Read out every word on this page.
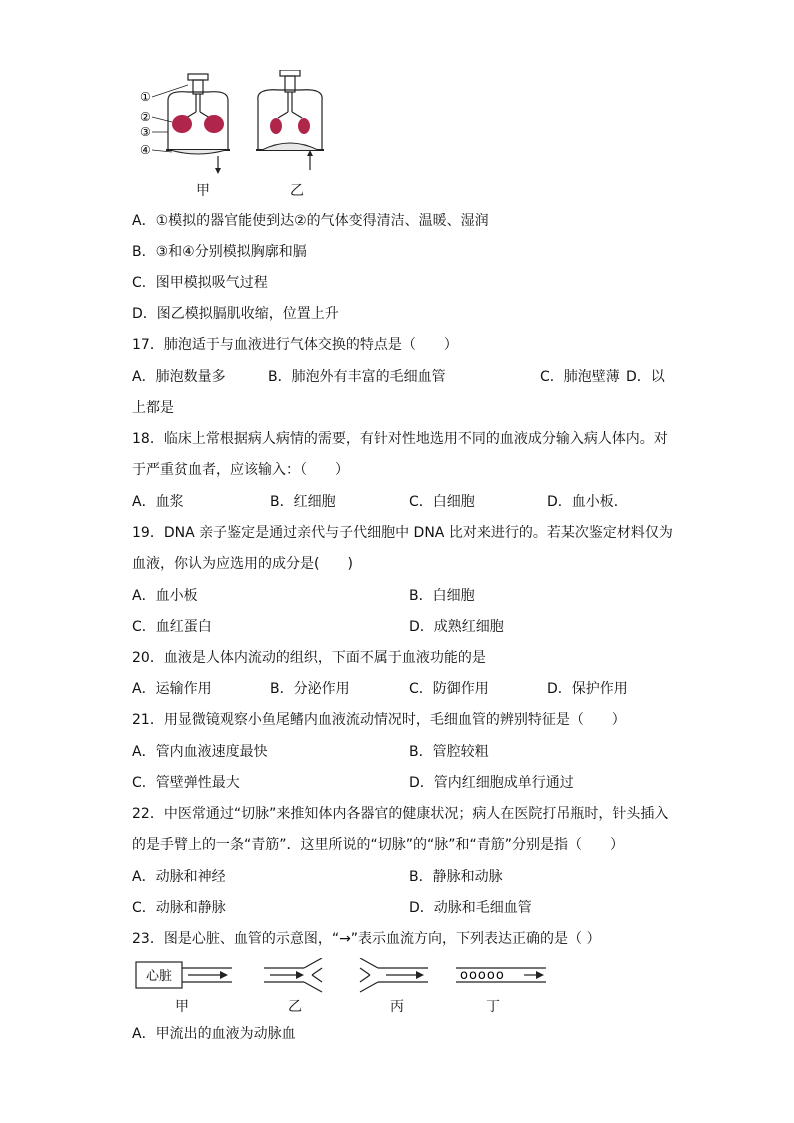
①
②
③
④
甲	乙
A．①模拟的器官能使到达②的气体变得清洁、温暖、湿润
B．③和④分别模拟胸廓和膈
C．图甲模拟吸气过程
D．图乙模拟膈肌收缩，位置上升
17．肺泡适于与血液进行气体交换的特点是（　　）
A．肺泡数量多	B．肺泡外有丰富的毛细血管	C．肺泡壁薄 D．以
上都是
18．临床上常根据病人病情的需要，有针对性地选用不同的血液成分输入病人体内。对
于严重贫血者，应该输入：（　　）
A．血浆	B．红细胞	C．白细胞	D．血小板．
19．DNA 亲子鉴定是通过亲代与子代细胞中 DNA 比对来进行的。若某次鉴定材料仅为
血液，你认为应选用的成分是(　　)
A．血小板	B．白细胞
C．血红蛋白	D．成熟红细胞
20．血液是人体内流动的组织，下面不属于血液功能的是
A．运输作用	B．分泌作用	C．防御作用	D．保护作用
21．用显微镜观察小鱼尾鳍内血液流动情况时，毛细血管的辨别特征是（　　）
A．管内血液速度最快	B．管腔较粗
C．管壁弹性最大	D．管内红细胞成单行通过
22．中医常通过“切脉”来推知体内各器官的健康状况；病人在医院打吊瓶时，针头插入
的是手臂上的一条“青筋”．这里所说的“切脉”的“脉”和“青筋”分别是指（　　）
A．动脉和神经	B．静脉和动脉
C．动脉和静脉	D．动脉和毛细血管
23．图是心脏、血管的示意图，“→”表示血流方向，下列表达正确的是（ ）
心脏	ooooo
甲	乙	丙	丁
A．甲流出的血液为动脉血
